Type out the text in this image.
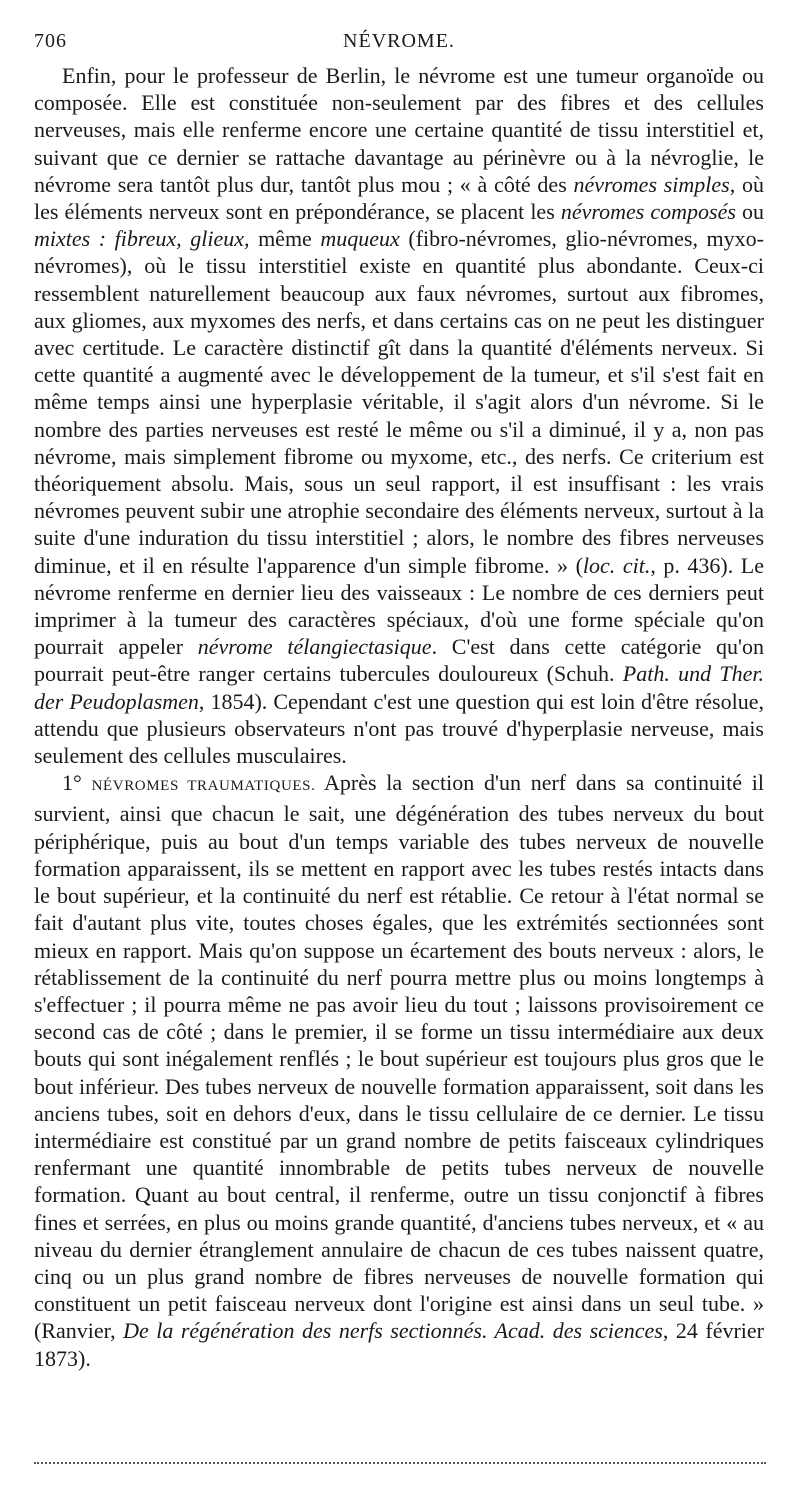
706	NÉVROME.

Enfin, pour le professeur de Berlin, le névrome est une tumeur organoïde ou composée. Elle est constituée non-seulement par des fibres et des cellules nerveuses, mais elle renferme encore une certaine quantité de tissu interstitiel et, suivant que ce dernier se rattache davantage au périnèvre ou à la névroglie, le névrome sera tantôt plus dur, tantôt plus mou ; « à côté des névromes simples, où les éléments nerveux sont en prépondérance, se placent les névromes composés ou mixtes : fibreux, glieux, même muqueux (fibro-névromes, glio-névromes, myxo-névromes), où le tissu interstitiel existe en quantité plus abondante. Ceux-ci ressemblent naturellement beaucoup aux faux névromes, surtout aux fibromes, aux gliomes, aux myxomes des nerfs, et dans certains cas on ne peut les distinguer avec certitude. Le caractère distinctif gît dans la quantité d'éléments nerveux. Si cette quantité a augmenté avec le développement de la tumeur, et s'il s'est fait en même temps ainsi une hyperplasie véritable, il s'agit alors d'un névrome. Si le nombre des parties nerveuses est resté le même ou s'il a diminué, il y a, non pas névrome, mais simplement fibrome ou myxome, etc., des nerfs. Ce criterium est théoriquement absolu. Mais, sous un seul rapport, il est insuffisant : les vrais névromes peuvent subir une atrophie secondaire des éléments nerveux, surtout à la suite d'une induration du tissu interstitiel ; alors, le nombre des fibres nerveuses diminue, et il en résulte l'apparence d'un simple fibrome. » (loc. cit., p. 436). Le névrome renferme en dernier lieu des vaisseaux : Le nombre de ces derniers peut imprimer à la tumeur des caractères spéciaux, d'où une forme spéciale qu'on pourrait appeler névrome télangiectasique. C'est dans cette catégorie qu'on pourrait peut-être ranger certains tubercules douloureux (Schuh. Path. und Ther. der Peudoplasmen, 1854). Cependant c'est une question qui est loin d'être résolue, attendu que plusieurs observateurs n'ont pas trouvé d'hyperplasie nerveuse, mais seulement des cellules musculaires.

1° NÉVROMES TRAUMATIQUES. Après la section d'un nerf dans sa continuité il survient, ainsi que chacun le sait, une dégénération des tubes nerveux du bout périphérique, puis au bout d'un temps variable des tubes nerveux de nouvelle formation apparaissent, ils se mettent en rapport avec les tubes restés intacts dans le bout supérieur, et la continuité du nerf est rétablie. Ce retour à l'état normal se fait d'autant plus vite, toutes choses égales, que les extrémités sectionnées sont mieux en rapport. Mais qu'on suppose un écartement des bouts nerveux : alors, le rétablissement de la continuité du nerf pourra mettre plus ou moins longtemps à s'effectuer ; il pourra même ne pas avoir lieu du tout ; laissons provisoirement ce second cas de côté ; dans le premier, il se forme un tissu intermédiaire aux deux bouts qui sont inégalement renflés ; le bout supérieur est toujours plus gros que le bout inférieur. Des tubes nerveux de nouvelle formation apparaissent, soit dans les anciens tubes, soit en dehors d'eux, dans le tissu cellulaire de ce dernier. Le tissu intermédiaire est constitué par un grand nombre de petits faisceaux cylindriques renfermant une quantité innombrable de petits tubes nerveux de nouvelle formation. Quant au bout central, il renferme, outre un tissu conjonctif à fibres fines et serrées, en plus ou moins grande quantité, d'anciens tubes nerveux, et « au niveau du dernier étranglement annulaire de chacun de ces tubes naissent quatre, cinq ou un plus grand nombre de fibres nerveuses de nouvelle formation qui constituent un petit faisceau nerveux dont l'origine est ainsi dans un seul tube. » (Ranvier, De la régénération des nerfs sectionnés. Acad. des sciences, 24 février 1873).
